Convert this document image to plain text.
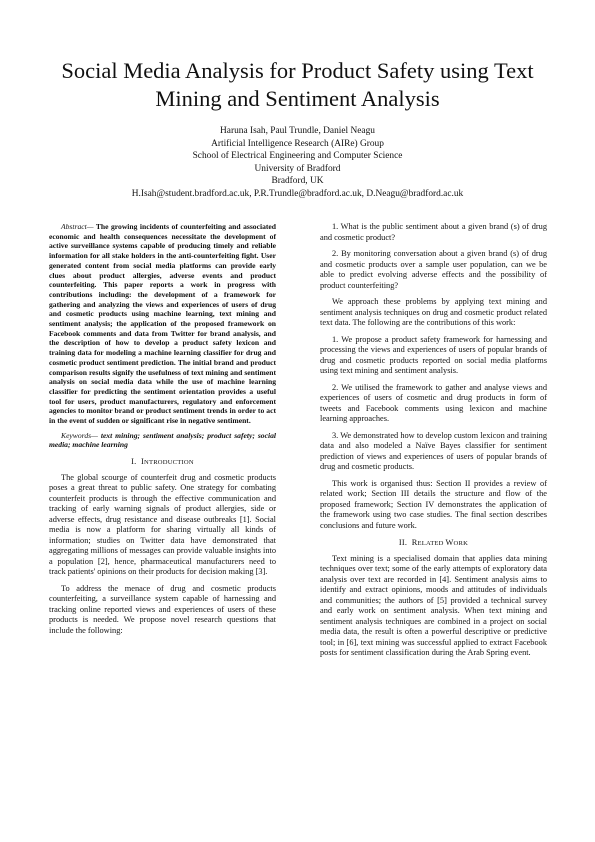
Social Media Analysis for Product Safety using Text Mining and Sentiment Analysis
Haruna Isah, Paul Trundle, Daniel Neagu
Artificial Intelligence Research (AIRe) Group
School of Electrical Engineering and Computer Science
University of Bradford
Bradford, UK
H.Isah@student.bradford.ac.uk, P.R.Trundle@bradford.ac.uk, D.Neagu@bradford.ac.uk

Abstract— The growing incidents of counterfeiting and associated economic and health consequences necessitate the development of active surveillance systems capable of producing timely and reliable information for all stake holders in the anti-counterfeiting fight. User generated content from social media platforms can provide early clues about product allergies, adverse events and product counterfeiting. This paper reports a work in progress with contributions including: the development of a framework for gathering and analyzing the views and experiences of users of drug and cosmetic products using machine learning, text mining and sentiment analysis; the application of the proposed framework on Facebook comments and data from Twitter for brand analysis, and the description of how to develop a product safety lexicon and training data for modeling a machine learning classifier for drug and cosmetic product sentiment prediction. The initial brand and product comparison results signify the usefulness of text mining and sentiment analysis on social media data while the use of machine learning classifier for predicting the sentiment orientation provides a useful tool for users, product manufacturers, regulatory and enforcement agencies to monitor brand or product sentiment trends in order to act in the event of sudden or significant rise in negative sentiment.

Keywords— text mining; sentiment analysis; product safety; social media; machine learning

I. INTRODUCTION

The global scourge of counterfeit drug and cosmetic products poses a great threat to public safety. One strategy for combating counterfeit products is through the effective communication and tracking of early warning signals of product allergies, side or adverse effects, drug resistance and disease outbreaks [1]. Social media is now a platform for sharing virtually all kinds of information; studies on Twitter data have demonstrated that aggregating millions of messages can provide valuable insights into a population [2], hence, pharmaceutical manufacturers need to track patients' opinions on their products for decision making [3].

To address the menace of drug and cosmetic products counterfeiting, a surveillance system capable of harnessing and tracking online reported views and experiences of users of these products is needed. We propose novel research questions that include the following:

1. What is the public sentiment about a given brand (s) of drug and cosmetic product?

2. By monitoring conversation about a given brand (s) of drug and cosmetic products over a sample user population, can we be able to predict evolving adverse effects and the possibility of product counterfeiting?

We approach these problems by applying text mining and sentiment analysis techniques on drug and cosmetic product related text data. The following are the contributions of this work:

1. We propose a product safety framework for harnessing and processing the views and experiences of users of popular brands of drug and cosmetic products reported on social media platforms using text mining and sentiment analysis.

2. We utilised the framework to gather and analyse views and experiences of users of cosmetic and drug products in form of tweets and Facebook comments using lexicon and machine learning approaches.

3. We demonstrated how to develop custom lexicon and training data and also modeled a Naïve Bayes classifier for sentiment prediction of views and experiences of users of popular brands of drug and cosmetic products.

This work is organised thus: Section II provides a review of related work; Section III details the structure and flow of the proposed framework; Section IV demonstrates the application of the framework using two case studies. The final section describes conclusions and future work.

II. RELATED WORK

Text mining is a specialised domain that applies data mining techniques over text; some of the early attempts of exploratory data analysis over text are recorded in [4]. Sentiment analysis aims to identify and extract opinions, moods and attitudes of individuals and communities; the authors of [5] provided a technical survey and early work on sentiment analysis. When text mining and sentiment analysis techniques are combined in a project on social media data, the result is often a powerful descriptive or predictive tool; in [6], text mining was successful applied to extract Facebook posts for sentiment classification during the Arab Spring event.
